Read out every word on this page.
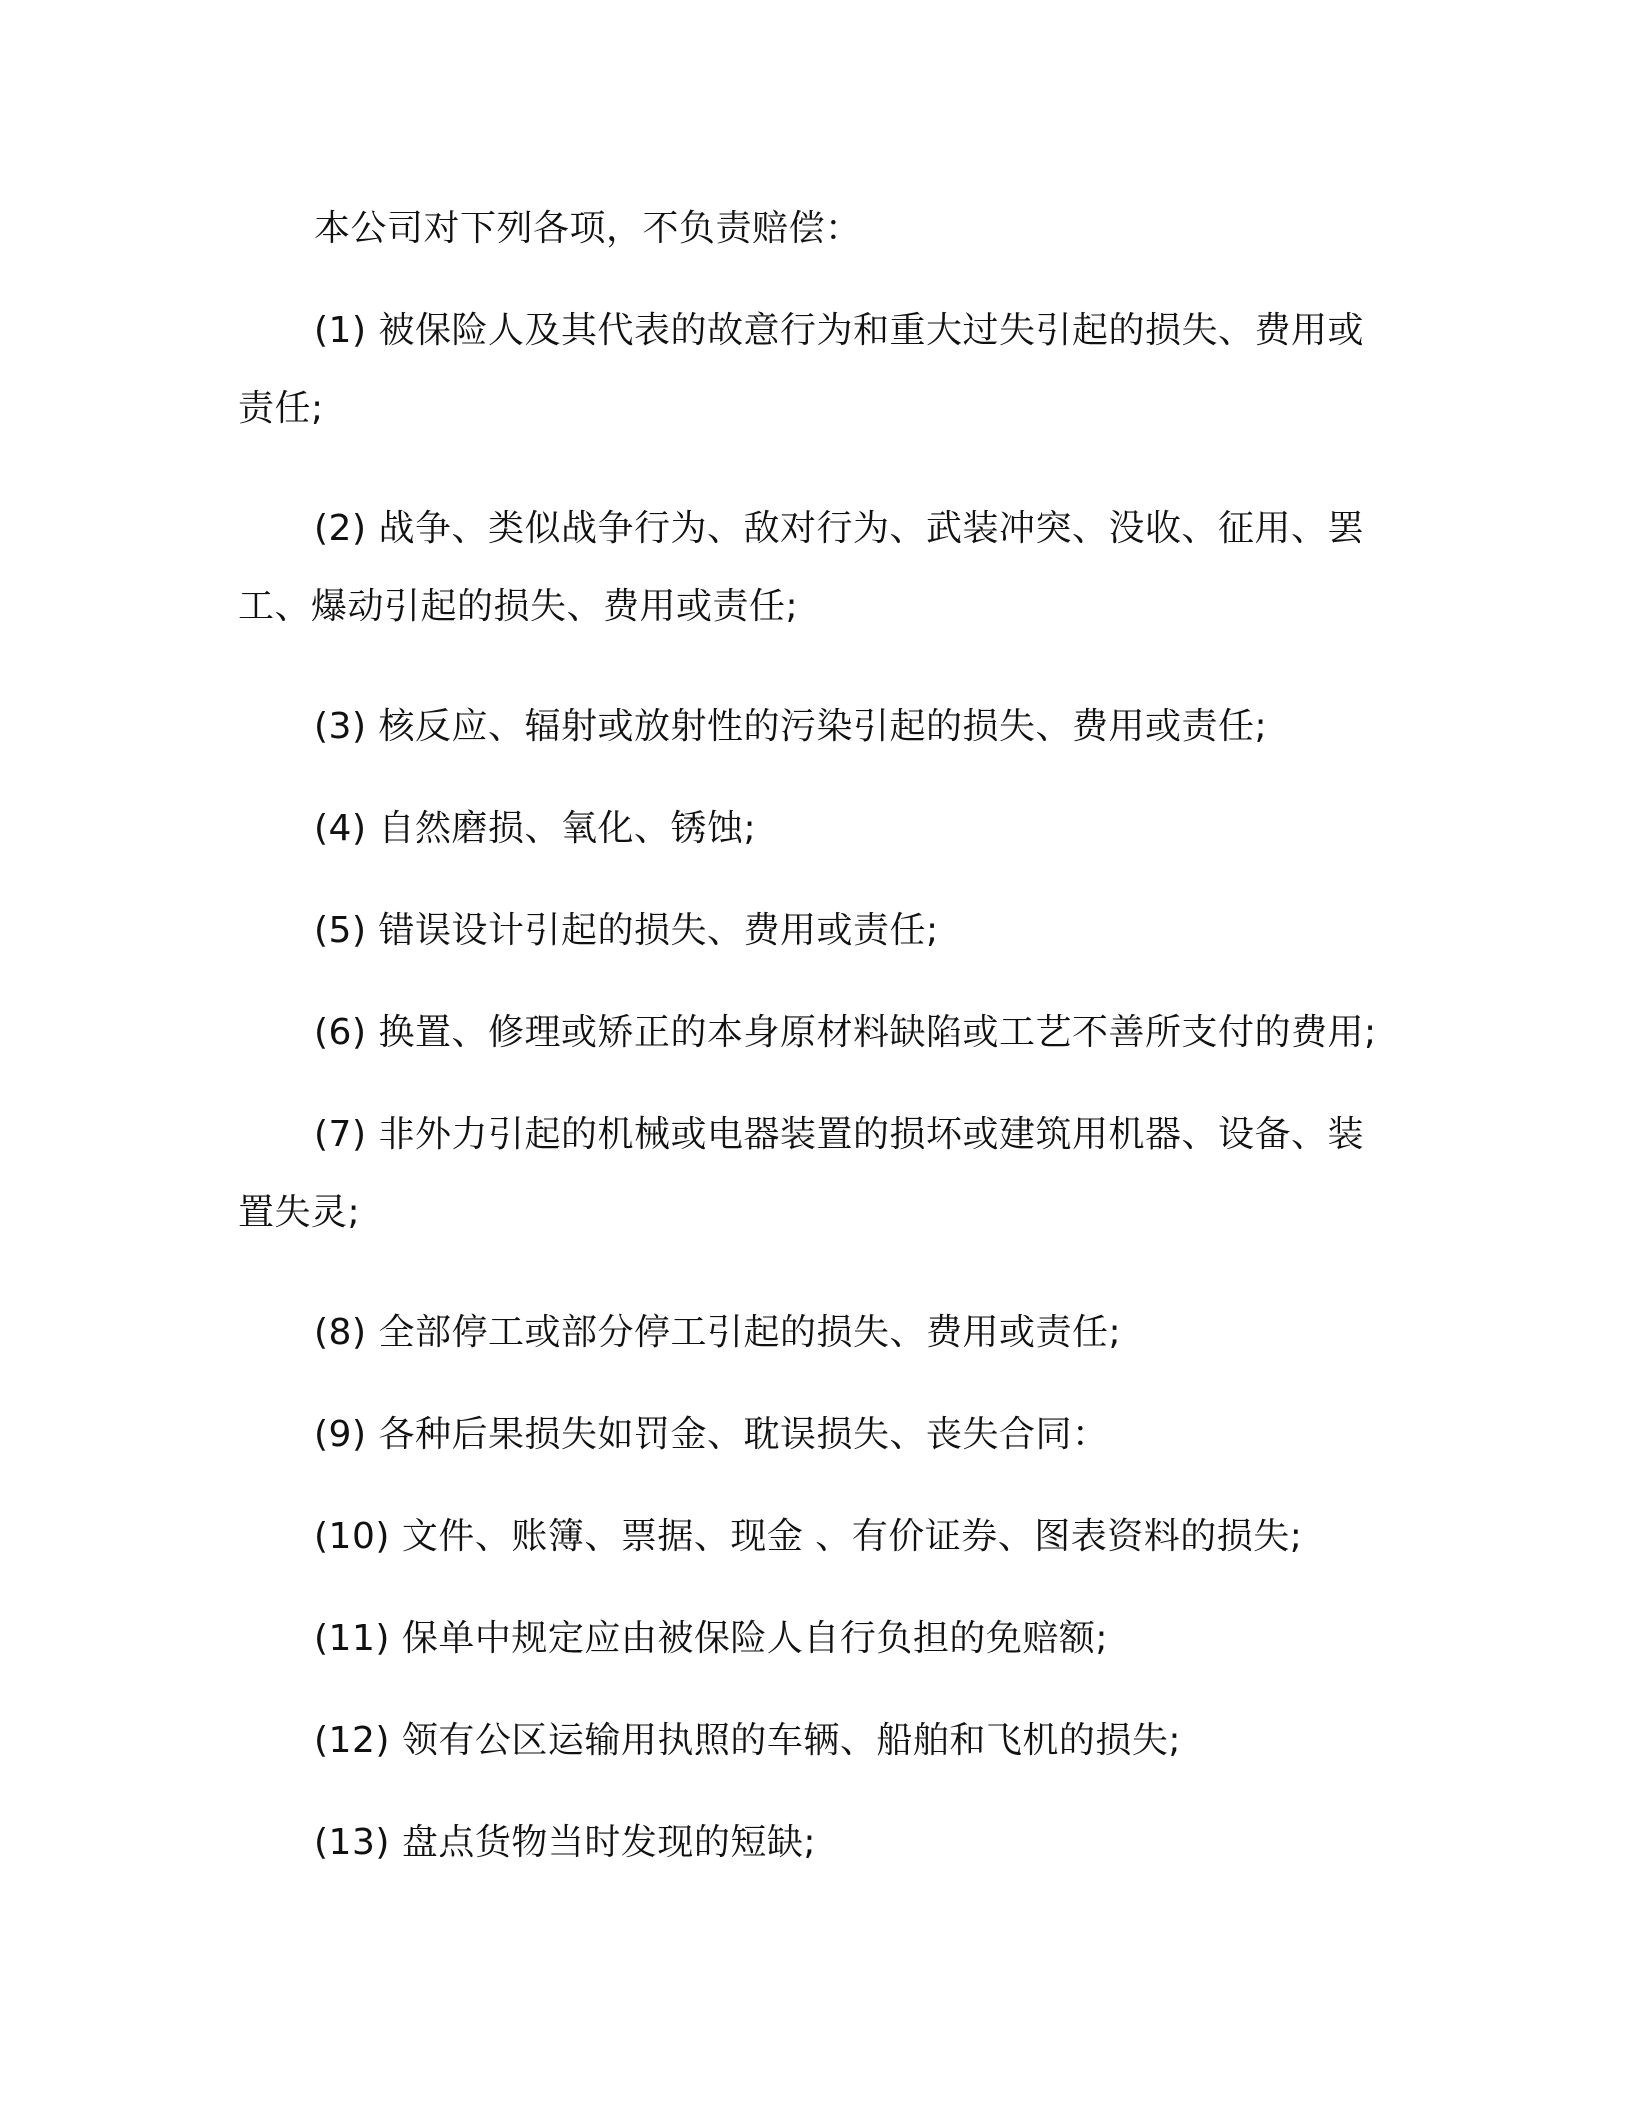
本公司对下列各项，不负责赔偿：

(1) 被保险人及其代表的故意行为和重大过失引起的损失、费用或责任;

(2) 战争、类似战争行为、敌对行为、武装冲突、没收、征用、罢工、爆动引起的损失、费用或责任;

(3) 核反应、辐射或放射性的污染引起的损失、费用或责任;

(4) 自然磨损、氧化、锈蚀;

(5) 错误设计引起的损失、费用或责任;

(6) 换置、修理或矫正的本身原材料缺陷或工艺不善所支付的费用;

(7) 非外力引起的机械或电器装置的损坏或建筑用机器、设备、装置失灵;

(8) 全部停工或部分停工引起的损失、费用或责任;

(9) 各种后果损失如罚金、耽误损失、丧失合同：

(10) 文件、账簿、票据、现金 、有价证券、图表资料的损失;

(11) 保单中规定应由被保险人自行负担的免赔额;

(12) 领有公区运输用执照的车辆、船舶和飞机的损失;

(13) 盘点货物当时发现的短缺;
